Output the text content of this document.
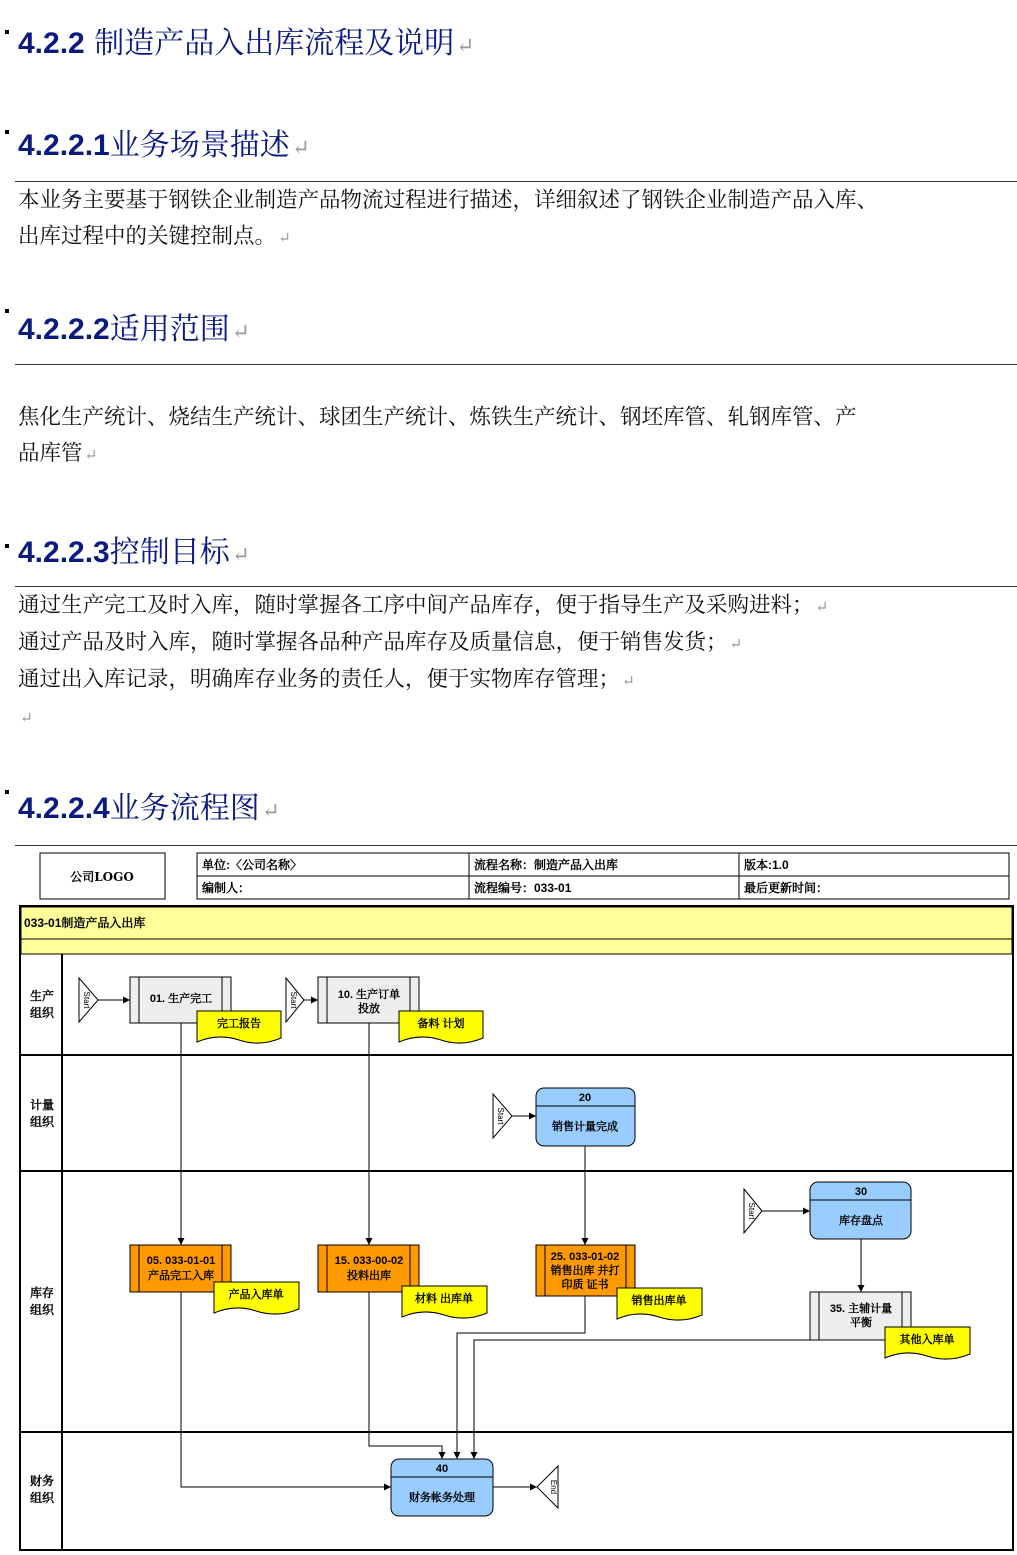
4.2.2 制造产品入出库流程及说明↵
4.2.2.1业务场景描述↵
本业务主要基于钢铁企业制造产品物流过程进行描述，详细叙述了钢铁企业制造产品入库、
出库过程中的关键控制点。 ↵
4.2.2.2适用范围↵
焦化生产统计、烧结生产统计、球团生产统计、炼铁生产统计、钢坯库管、轧钢库管、产
品库管 ↵
4.2.2.3控制目标↵
通过生产完工及时入库，随时掌握各工序中间产品库存，便于指导生产及采购进料； ↵
通过产品及时入库，随时掌握各品种产品库存及质量信息，便于销售发货； ↵
通过出入库记录，明确库存业务的责任人，便于实物库存管理； ↵
↵
4.2.2.4业务流程图↵
公司LOGO
单位:〈公司名称〉	流程名称：制造产品入出库	版本:1.0
编制人：	流程编号：033-01	最后更新时间：
033-01制造产品入出库
生产
组织
计量
组织
库存
组织
财务
组织
Start	Start
Start
Start
End
01. 生产完工	10. 生产订单
投放
20
销售计量完成
30
库存盘点
05. 033-01-01
产品完工入库
15. 033-00-02
投料出库
25. 033-01-02
销售出库 并打
印质 证书
35. 主辅计量
平衡
40
财务帐务处理
完工报告	备料 计划
产品入库单	材料 出库单	销售出库单
其他入库单
